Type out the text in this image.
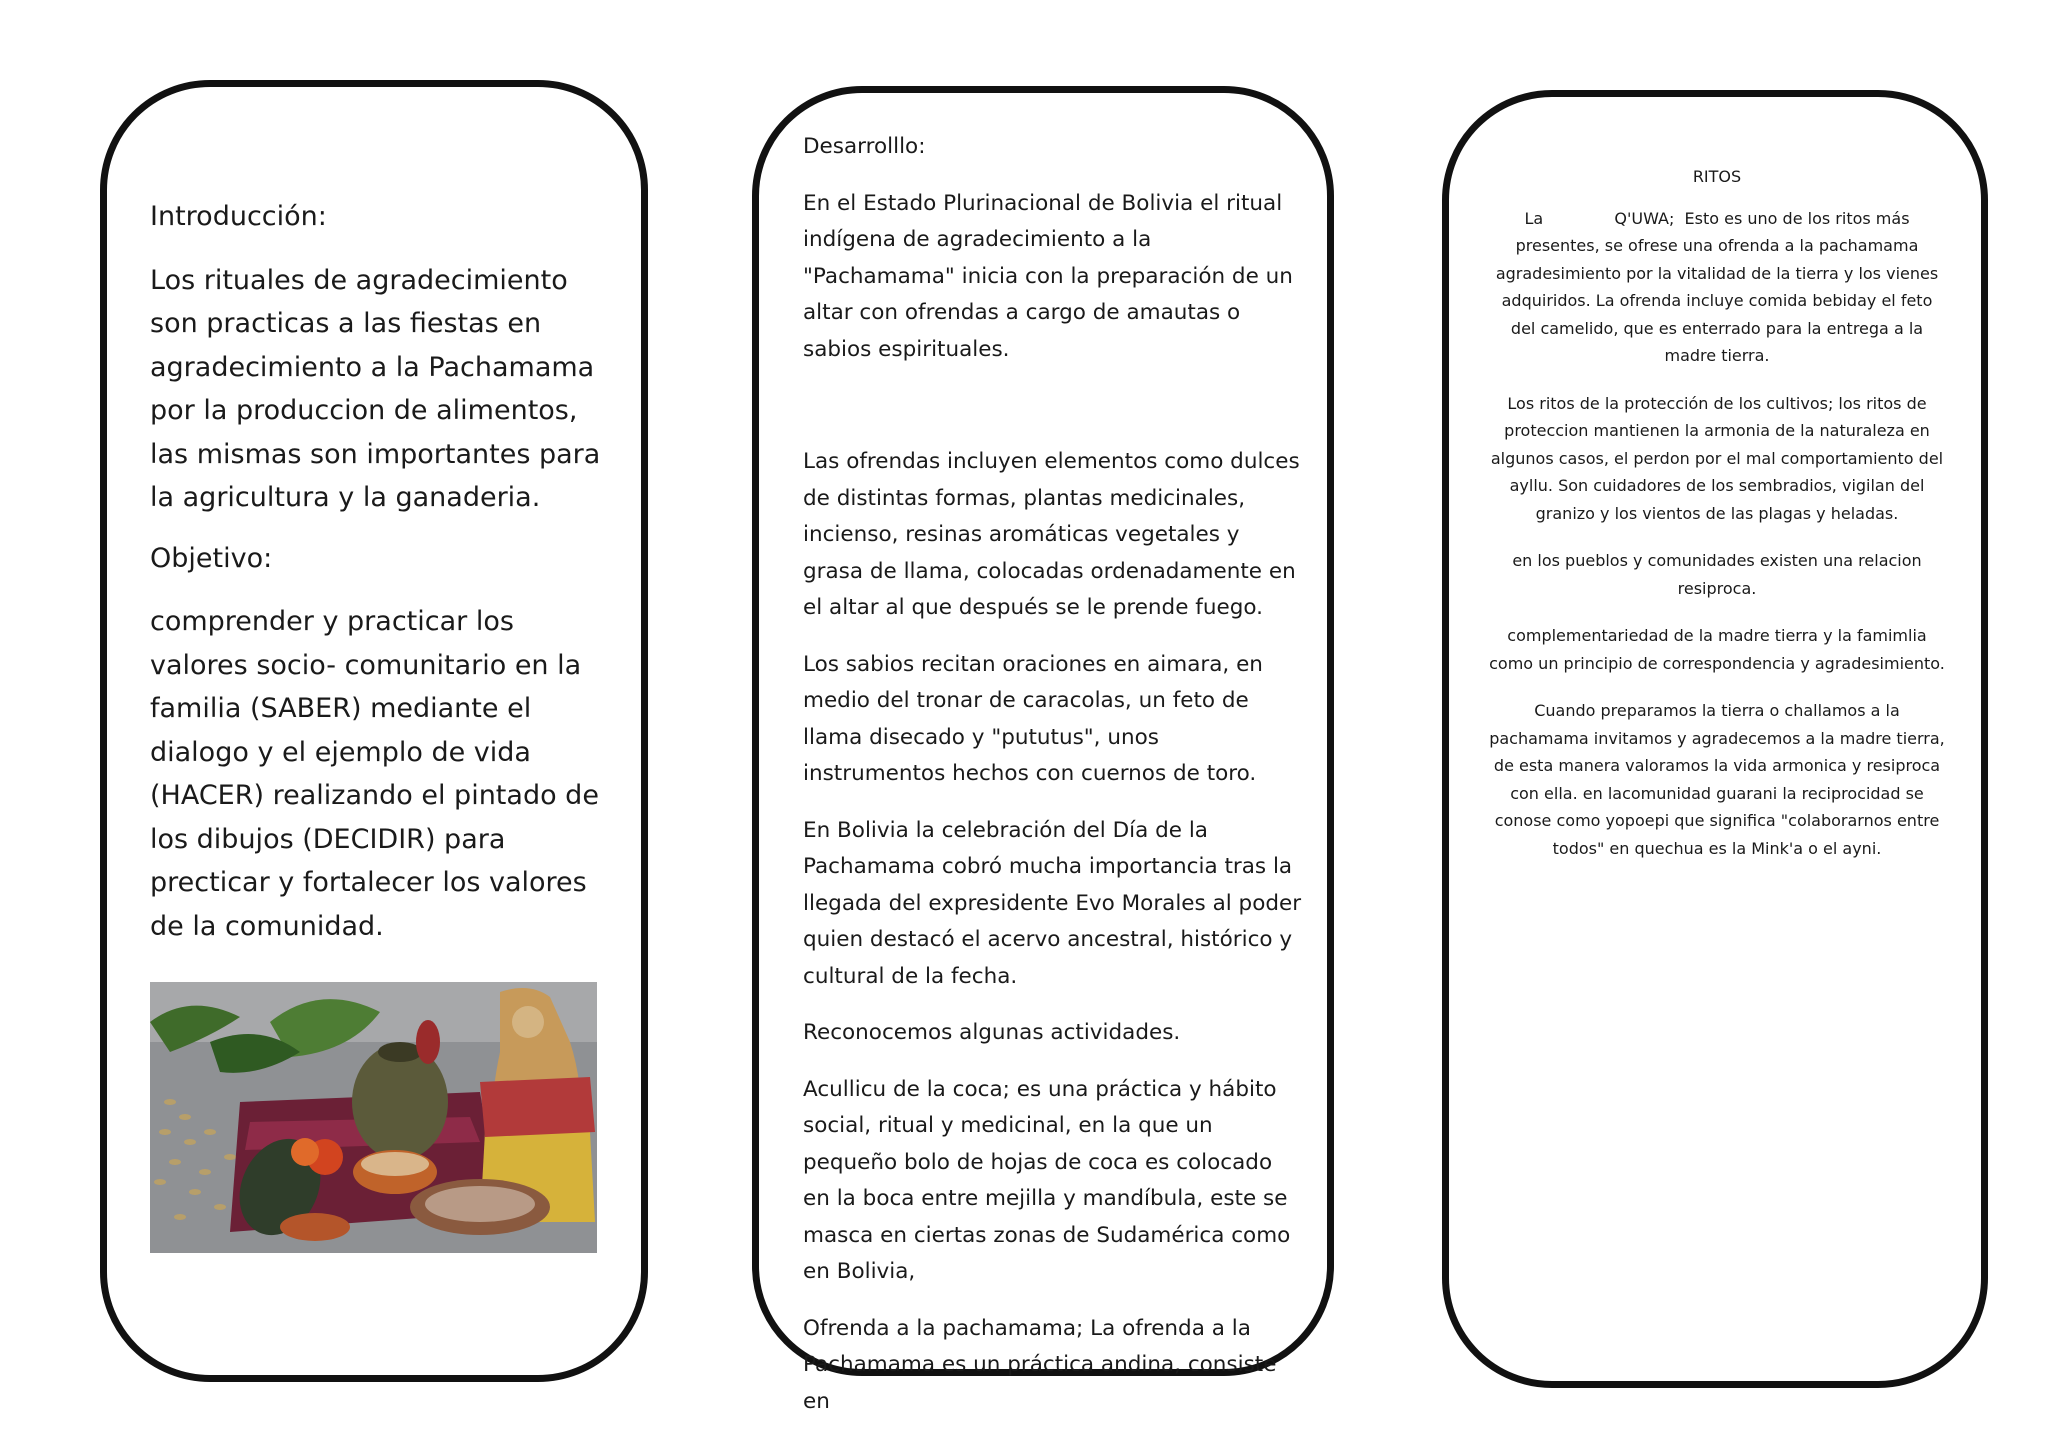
Introducción:

Los rituales de agradecimiento son practicas a las fiestas en agradecimiento a la Pachamama por la produccion de alimentos, las mismas son importantes para la agricultura y la ganaderia.

Objetivo:

comprender y practicar los valores socio- comunitario en la familia (SABER) mediante el dialogo y el ejemplo de vida (HACER) realizando el pintado de los dibujos (DECIDIR) para precticar y fortalecer los valores de la comunidad.

Desarrolllo:

En el Estado Plurinacional de Bolivia el ritual indígena de agradecimiento a la "Pachamama" inicia con la preparación de un altar con ofrendas a cargo de amautas o sabios espirituales.

Las ofrendas incluyen elementos como dulces de distintas formas, plantas medicinales, incienso, resinas aromáticas vegetales y grasa de llama, colocadas ordenadamente en el altar al que después se le prende fuego.

Los sabios recitan oraciones en aimara, en medio del tronar de caracolas, un feto de llama disecado y "pututus", unos instrumentos hechos con cuernos de toro.

En Bolivia la celebración del Día de la Pachamama cobró mucha importancia tras la llegada del expresidente Evo Morales al poder quien destacó el acervo ancestral, histórico y cultural de la fecha.

Reconocemos algunas actividades.

Acullicu de la coca; es una práctica y hábito social, ritual y medicinal, en la que un pequeño bolo de hojas de coca es colocado en la boca entre mejilla y mandíbula, este se masca en ciertas zonas de Sudamérica como en Bolivia,

Ofrenda a la pachamama; La ofrenda a la Pachamama es un práctica andina, consiste en

RITOS

La              Q'UWA;  Esto es uno de los ritos más presentes, se ofrese una ofrenda a la pachamama agradesimiento por la vitalidad de la tierra y los vienes adquiridos. La ofrenda incluye comida bebiday el feto del camelido, que es enterrado para la entrega a la madre tierra.

Los ritos de la protección de los cultivos; los ritos de proteccion mantienen la armonia de la naturaleza en algunos casos, el perdon por el mal comportamiento del ayllu. Son cuidadores de los sembradios, vigilan del granizo y los vientos de las plagas y heladas.

en los pueblos y comunidades existen una relacion resiproca.

complementariedad de la madre tierra y la famimlia como un principio de correspondencia y agradesimiento.

Cuando preparamos la tierra o challamos a la pachamama invitamos y agradecemos a la madre tierra, de esta manera valoramos la vida armonica y resiproca con ella. en lacomunidad guarani la reciprocidad se conose como yopoepi que significa "colaborarnos entre todos" en quechua es la Mink'a o el ayni.
